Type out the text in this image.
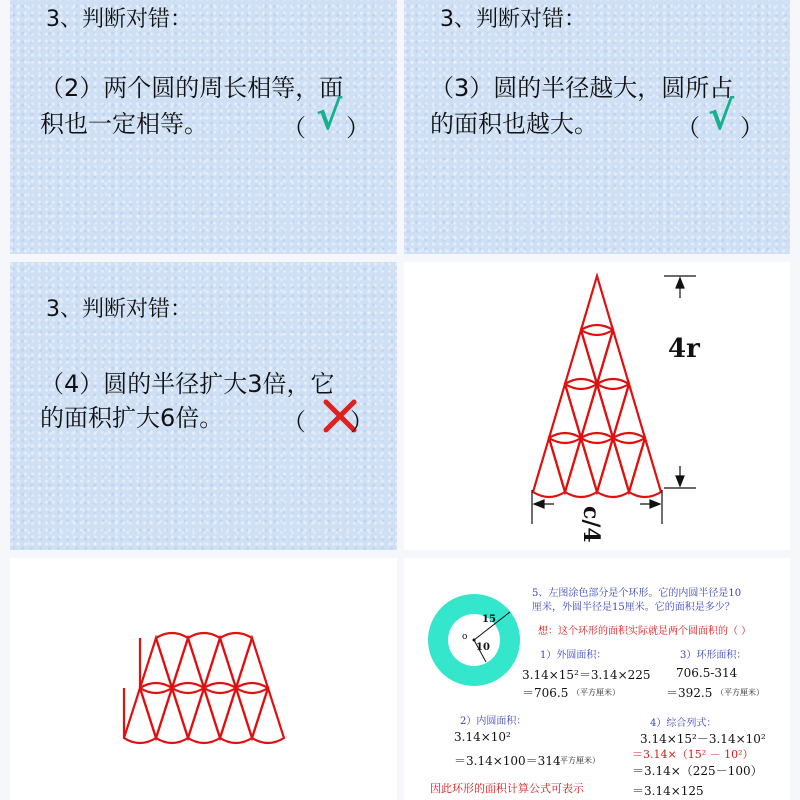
3、判断对错：
（2）两个圆的周长相等，面
积也一定相等。	（ √ ）
3、判断对错：
（3）圆的半径越大，圆所占
的面积也越大。	（ √ ）
3、判断对错：
（4）圆的半径扩大3倍，它
的面积扩大6倍。 （ ）
4r
c/4
15
10
o
5、左图涂色部分是个环形。它的内圆半径是10
厘米，外圆半径是15厘米。它的面积是多少？
想：这个环形的面积实际就是两个圆面积的（ ）
1）外圆面积：
3.14×15²＝3.14×225
＝706.5 （平方厘米）
3）环形面积：
706.5-314
＝392.5 （平方厘米）
2）内圆面积：
3.14×10²
＝3.14×100＝314
（平方厘米）
4）综合列式：
3.14×15²－3.14×10²
＝3.14×（15² － 10²）
＝3.14×（225－100）
＝3.14×125
因此环形的面积计算公式可表示
